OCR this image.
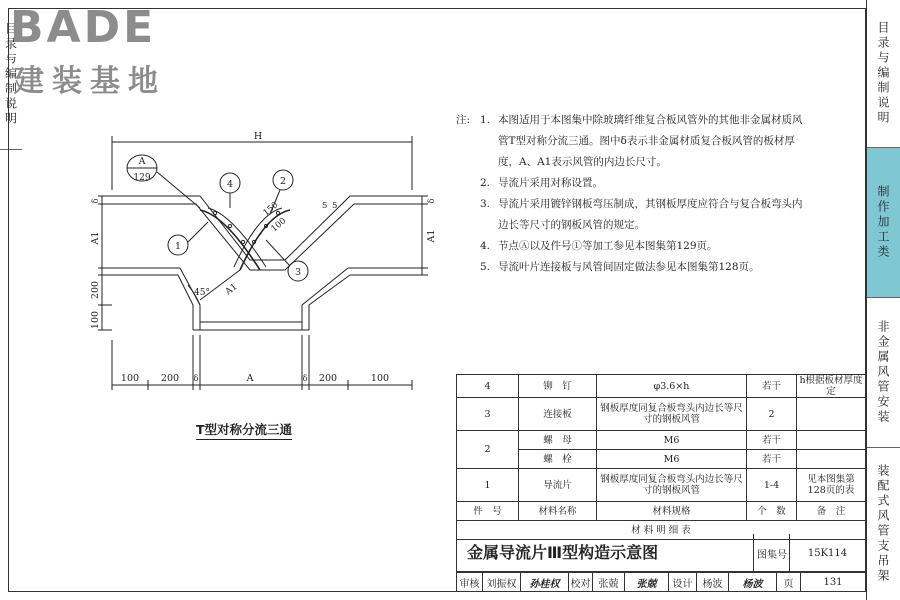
目录与编制说明
BADE
建装基地	目录与编制说明
制作加工类
非金属风管安装
装配式风管支吊架
H
A
129
1
2
3
4
A1
200
100
δ
A1
δ
100 200	A	200	100
δ	δ
45° A1
100
150	5 5
T型对称分流三通
注: 1. 本图适用于本图集中除玻璃纤维复合板风管外的其他非金属材质风
管T型对称分流三通。图中δ表示非金属材质复合板风管的板材厚
度，A、A1表示风管的内边长尺寸。
2. 导流片采用对称设置。
3. 导流片采用镀锌钢板弯压制成，其钢板厚度应符合与复合板弯头内
边长等尺寸的钢板风管的规定。
4. 节点Ⓐ以及件号①等加工参见本图集第129页。
5. 导流叶片连接板与风管间固定做法参见本图集第128页。
4	铆　钉	φ3.6×h	若干	h根据板材厚度定
3	连接板	钢板厚度同复合板弯头内边长等尺寸的钢板风管	2	
2	螺　母	M6	若干	
	螺　栓	M6	若干	
1	导流片	钢板厚度同复合板弯头内边长等尺寸的钢板风管	1-4	见本图集第128页的表
件　号	材料名称	材料规格	个　数	备　注
材 料 明 细 表				
金属导流片Ⅲ型构造示意图	图集号	15K114
审核 刘振权	孙桂权	校对 张兢	张兢	设计	杨波	杨波	页	131
